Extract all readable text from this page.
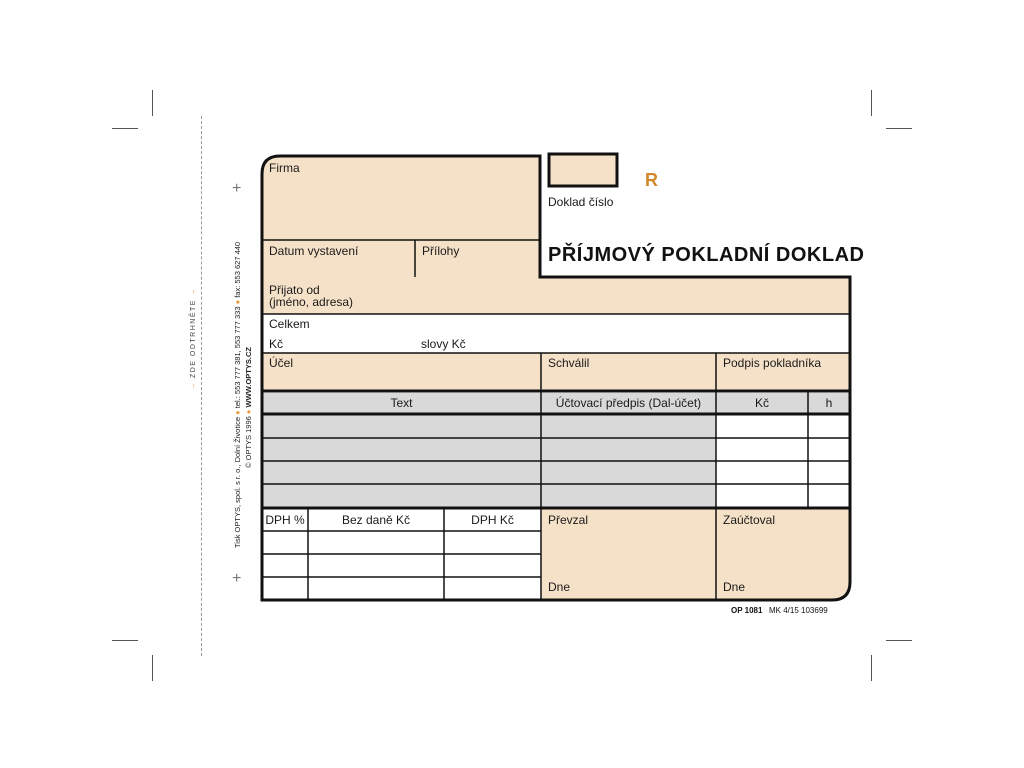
+
+
→ ZDE ODTRHNĚTE →
Tisk OPTYS, spol. s r. o., Dolní Životice ● tel.: 553 777 381, 553 777 333 ● fax: 553 627 440
© OPTYS 1996 ● WWW.OPTYS.CZ
R
Doklad číslo
PŘÍJMOVÝ POKLADNÍ DOKLAD
Firma
Datum vystavení	Přílohy
Přijato od
(jméno, adresa)
Celkem
Kč	slovy Kč
Účel	Schválil	Podpis pokladníka
Text	Účtovací předpis (Dal-účet)	Kč	h
DPH %	Bez daně Kč	DPH Kč	Převzal	Zaúčtoval
Dne	Dne
OP 1081 MK 4/15 103699
